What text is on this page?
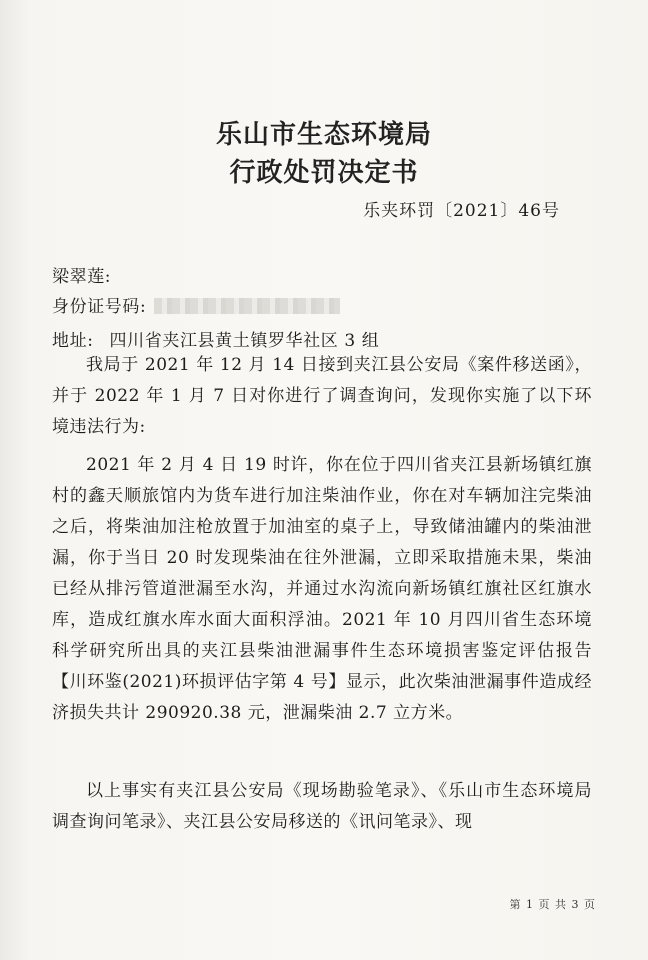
乐山市生态环境局
行政处罚决定书
乐夹环罚〔2021〕46号
梁翠莲:
身份证号码:
地址: 四川省夹江县黄土镇罗华社区 3 组
我局于 2021 年 12 月 14 日接到夹江县公安局《案件移送函》，并于 2022 年 1 月 7 日对你进行了调查询问，发现你实施了以下环境违法行为:
2021 年 2 月 4 日 19 时许，你在位于四川省夹江县新场镇红旗村的鑫天顺旅馆内为货车进行加注柴油作业，你在对车辆加注完柴油之后，将柴油加注枪放置于加油室的桌子上，导致储油罐内的柴油泄漏，你于当日 20 时发现柴油在往外泄漏，立即采取措施未果，柴油已经从排污管道泄漏至水沟，并通过水沟流向新场镇红旗社区红旗水库，造成红旗水库水面大面积浮油。2021 年 10 月四川省生态环境科学研究所出具的夹江县柴油泄漏事件生态环境损害鉴定评估报告【川环鉴(2021)环损评估字第 4 号】显示，此次柴油泄漏事件造成经济损失共计 290920.38 元，泄漏柴油 2.7 立方米。
以上事实有夹江县公安局《现场勘验笔录》、《乐山市生态环境局调查询问笔录》、夹江县公安局移送的《讯问笔录》、现
第 1 页 共 3 页
